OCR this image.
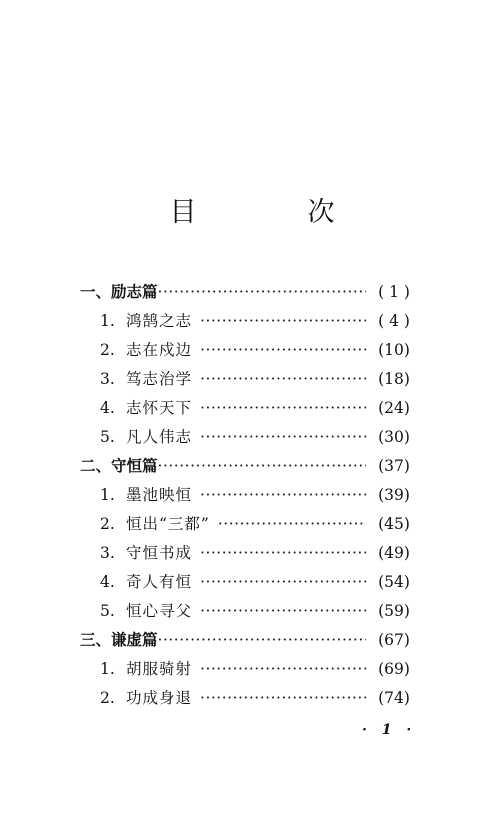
目　次
一、 励志篇 ·····	( 1 )
1. 鸿鹄之志 ·····	( 4 )
2. 志在戍边 ·····	(10)
3. 笃志治学 ·····	(18)
4. 志怀天下 ·····	(24)
5. 凡人伟志 ·····	(30)
二、 守恒篇 ·····	(37)
1. 墨池映恒 ·····	(39)
2. 恒出“三都” ·····	(45)
3. 守恒书成 ·····	(49)
4. 奇人有恒 ·····	(54)
5. 恒心寻父 ·····	(59)
三、 谦虚篇 ·····	(67)
1. 胡服骑射 ·····	(69)
2. 功成身退 ·····	(74)
· 1 ·
